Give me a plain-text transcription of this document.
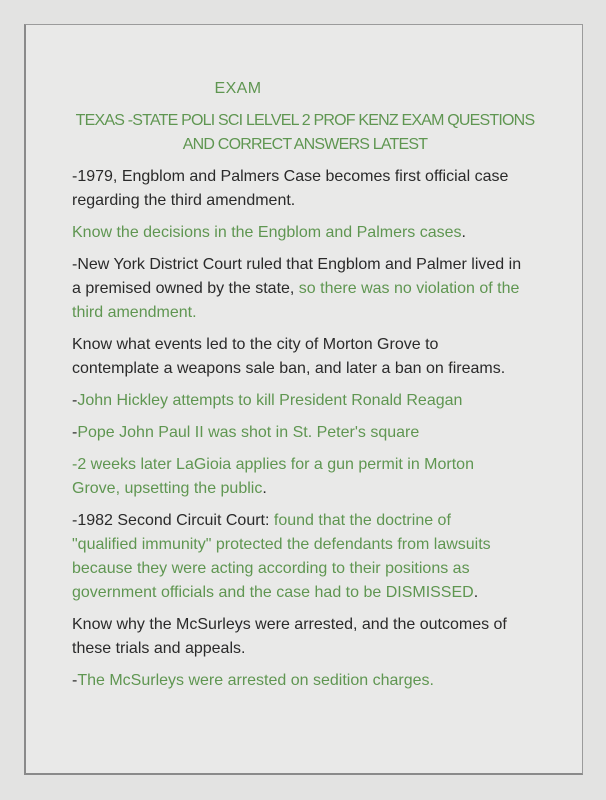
EXAM

TEXAS -STATE POLI SCI LELVEL 2 PROF KENZ EXAM QUESTIONS
AND CORRECT ANSWERS LATEST

-1979, Engblom and Palmers Case becomes first official case
regarding the third amendment.

Know the decisions in the Engblom and Palmers cases.

-New York District Court ruled that Engblom and Palmer lived in
a premised owned by the state, so there was no violation of the
third amendment.

Know what events led to the city of Morton Grove to
contemplate a weapons sale ban, and later a ban on fireams.

-John Hickley attempts to kill President Ronald Reagan

-Pope John Paul II was shot in St. Peter's square

-2 weeks later LaGioia applies for a gun permit in Morton
Grove, upsetting the public.

-1982 Second Circuit Court: found that the doctrine of
"qualified immunity" protected the defendants from lawsuits
because they were acting according to their positions as
government officials and the case had to be DISMISSED.

Know why the McSurleys were arrested, and the outcomes of
these trials and appeals.

-The McSurleys were arrested on sedition charges.
